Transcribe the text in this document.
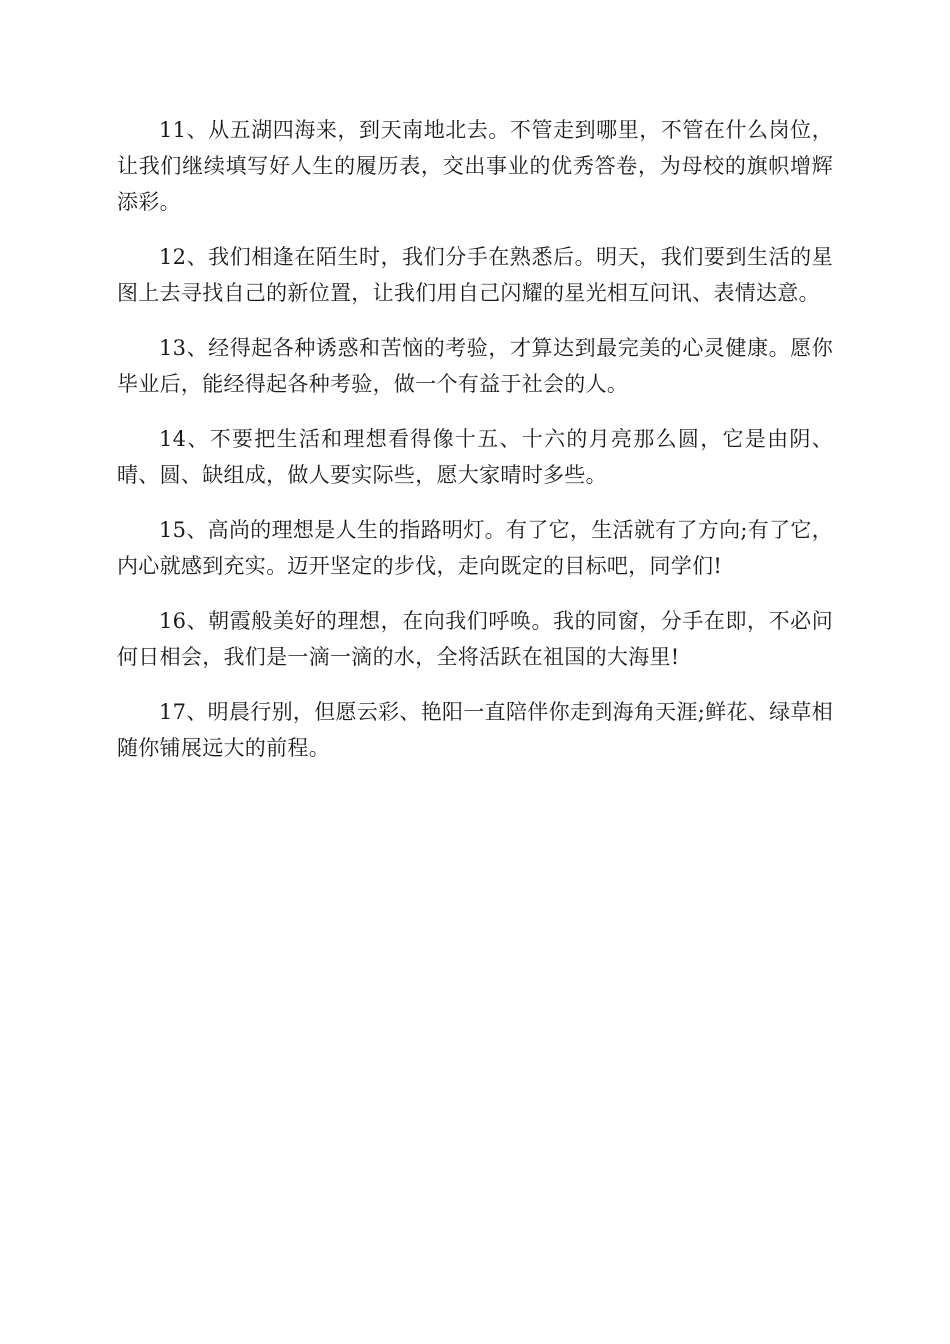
11、从五湖四海来，到天南地北去。不管走到哪里，不管在什么岗位，让我们继续填写好人生的履历表，交出事业的优秀答卷，为母校的旗帜增辉添彩。

12、我们相逢在陌生时，我们分手在熟悉后。明天，我们要到生活的星图上去寻找自己的新位置，让我们用自己闪耀的星光相互问讯、表情达意。

13、经得起各种诱惑和苦恼的考验，才算达到最完美的心灵健康。愿你毕业后，能经得起各种考验，做一个有益于社会的人。

14、不要把生活和理想看得像十五、十六的月亮那么圆，它是由阴、晴、圆、缺组成，做人要实际些，愿大家晴时多些。

15、高尚的理想是人生的指路明灯。有了它，生活就有了方向;有了它，内心就感到充实。迈开坚定的步伐，走向既定的目标吧，同学们!

16、朝霞般美好的理想，在向我们呼唤。我的同窗，分手在即，不必问何日相会，我们是一滴一滴的水，全将活跃在祖国的大海里!

17、明晨行别，但愿云彩、艳阳一直陪伴你走到海角天涯;鲜花、绿草相随你铺展远大的前程。
